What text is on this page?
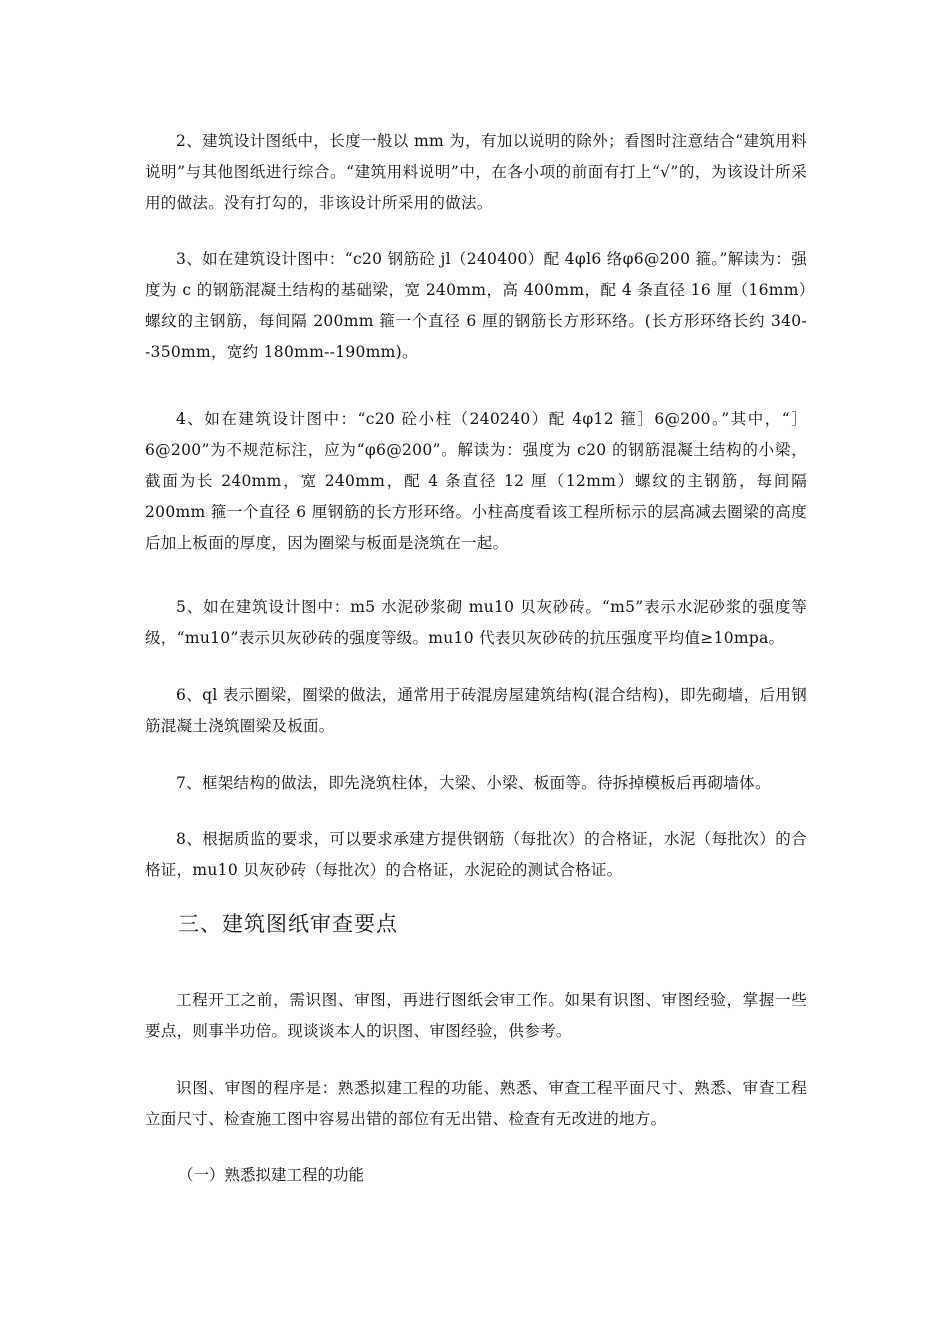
2、建筑设计图纸中，长度一般以 mm 为，有加以说明的除外；看图时注意结合“建筑用料说明”与其他图纸进行综合。“建筑用料说明”中，在各小项的前面有打上“√”的，为该设计所采用的做法。没有打勾的，非该设计所采用的做法。

3、如在建筑设计图中：“c20 钢筋砼 jl（240400）配 4φl6 络φ6@200 箍。”解读为：强度为 c 的钢筋混凝土结构的基础梁，宽 240mm，高 400mm，配 4 条直径 16 厘（16mm）螺纹的主钢筋，每间隔 200mm 箍一个直径 6 厘的钢筋长方形环络。(长方形环络长约 340--350mm，宽约 180mm--190mm)。

4、如在建筑设计图中：“c20 砼小柱（240240）配 4φ12 箍］6@200。”其中，“］6@200”为不规范标注，应为“φ6@200”。解读为：强度为 c20 的钢筋混凝土结构的小梁，截面为长 240mm，宽 240mm，配 4 条直径 12 厘（12mm）螺纹的主钢筋，每间隔 200mm 箍一个直径 6 厘钢筋的长方形环络。小柱高度看该工程所标示的层高减去圈梁的高度后加上板面的厚度，因为圈梁与板面是浇筑在一起。

5、如在建筑设计图中：m5 水泥砂浆砌 mu10 贝灰砂砖。“m5”表示水泥砂浆的强度等级，“mu10”表示贝灰砂砖的强度等级。mu10 代表贝灰砂砖的抗压强度平均值≥10mpa。

6、ql 表示圈梁，圈梁的做法，通常用于砖混房屋建筑结构(混合结构)，即先砌墙，后用钢筋混凝土浇筑圈梁及板面。

7、框架结构的做法，即先浇筑柱体，大梁、小梁、板面等。待拆掉模板后再砌墙体。

8、根据质监的要求，可以要求承建方提供钢筋（每批次）的合格证，水泥（每批次）的合格证，mu10 贝灰砂砖（每批次）的合格证，水泥砼的测试合格证。

三、建筑图纸审查要点

工程开工之前，需识图、审图，再进行图纸会审工作。如果有识图、审图经验，掌握一些要点，则事半功倍。现谈谈本人的识图、审图经验，供参考。

识图、审图的程序是：熟悉拟建工程的功能、熟悉、审查工程平面尺寸、熟悉、审查工程立面尺寸、检查施工图中容易出错的部位有无出错、检查有无改进的地方。

（一）熟悉拟建工程的功能
